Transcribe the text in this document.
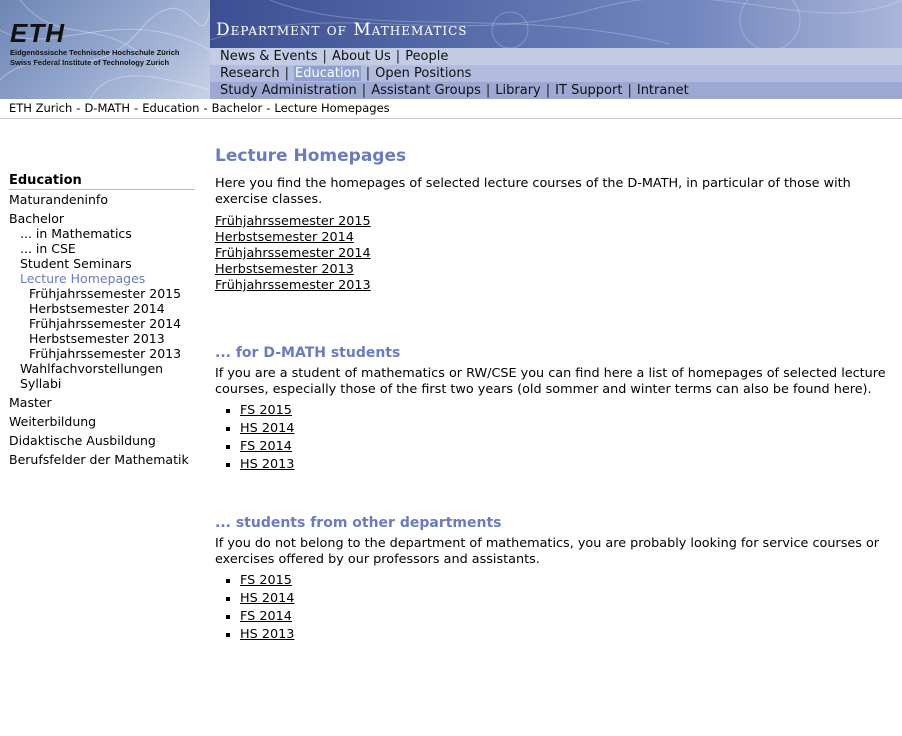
ETH
Eidgenössische Technische Hochschule Zürich
Swiss Federal Institute of Technology Zurich
Department of Mathematics
News & Events | About Us | People
Research | Education | Open Positions
Study Administration | Assistant Groups | Library | IT Support | Intranet
ETH Zurich - D-MATH - Education - Bachelor - Lecture Homepages
Education
Maturandeninfo
Bachelor
... in Mathematics
... in CSE
Student Seminars
Lecture Homepages
Frühjahrssemester 2015
Herbstsemester 2014
Frühjahrssemester 2014
Herbstsemester 2013
Frühjahrssemester 2013
Wahlfachvorstellungen
Syllabi
Master
Weiterbildung
Didaktische Ausbildung
Berufsfelder der Mathematik
Lecture Homepages

Here you find the homepages of selected lecture courses of the D-MATH, in particular of those with exercise classes.

Frühjahrssemester 2015
Herbstsemester 2014
Frühjahrssemester 2014
Herbstsemester 2013
Frühjahrssemester 2013
... for D-MATH students

If you are a student of mathematics or RW/CSE you can find here a list of homepages of selected lecture courses, especially those of the first two years (old sommer and winter terms can also be found here).

▪ FS 2015
▪ HS 2014
▪ FS 2014
▪ HS 2013
... students from other departments

If you do not belong to the department of mathematics, you are probably looking for service courses or exercises offered by our professors and assistants.

▪ FS 2015
▪ HS 2014
▪ FS 2014
▪ HS 2013
